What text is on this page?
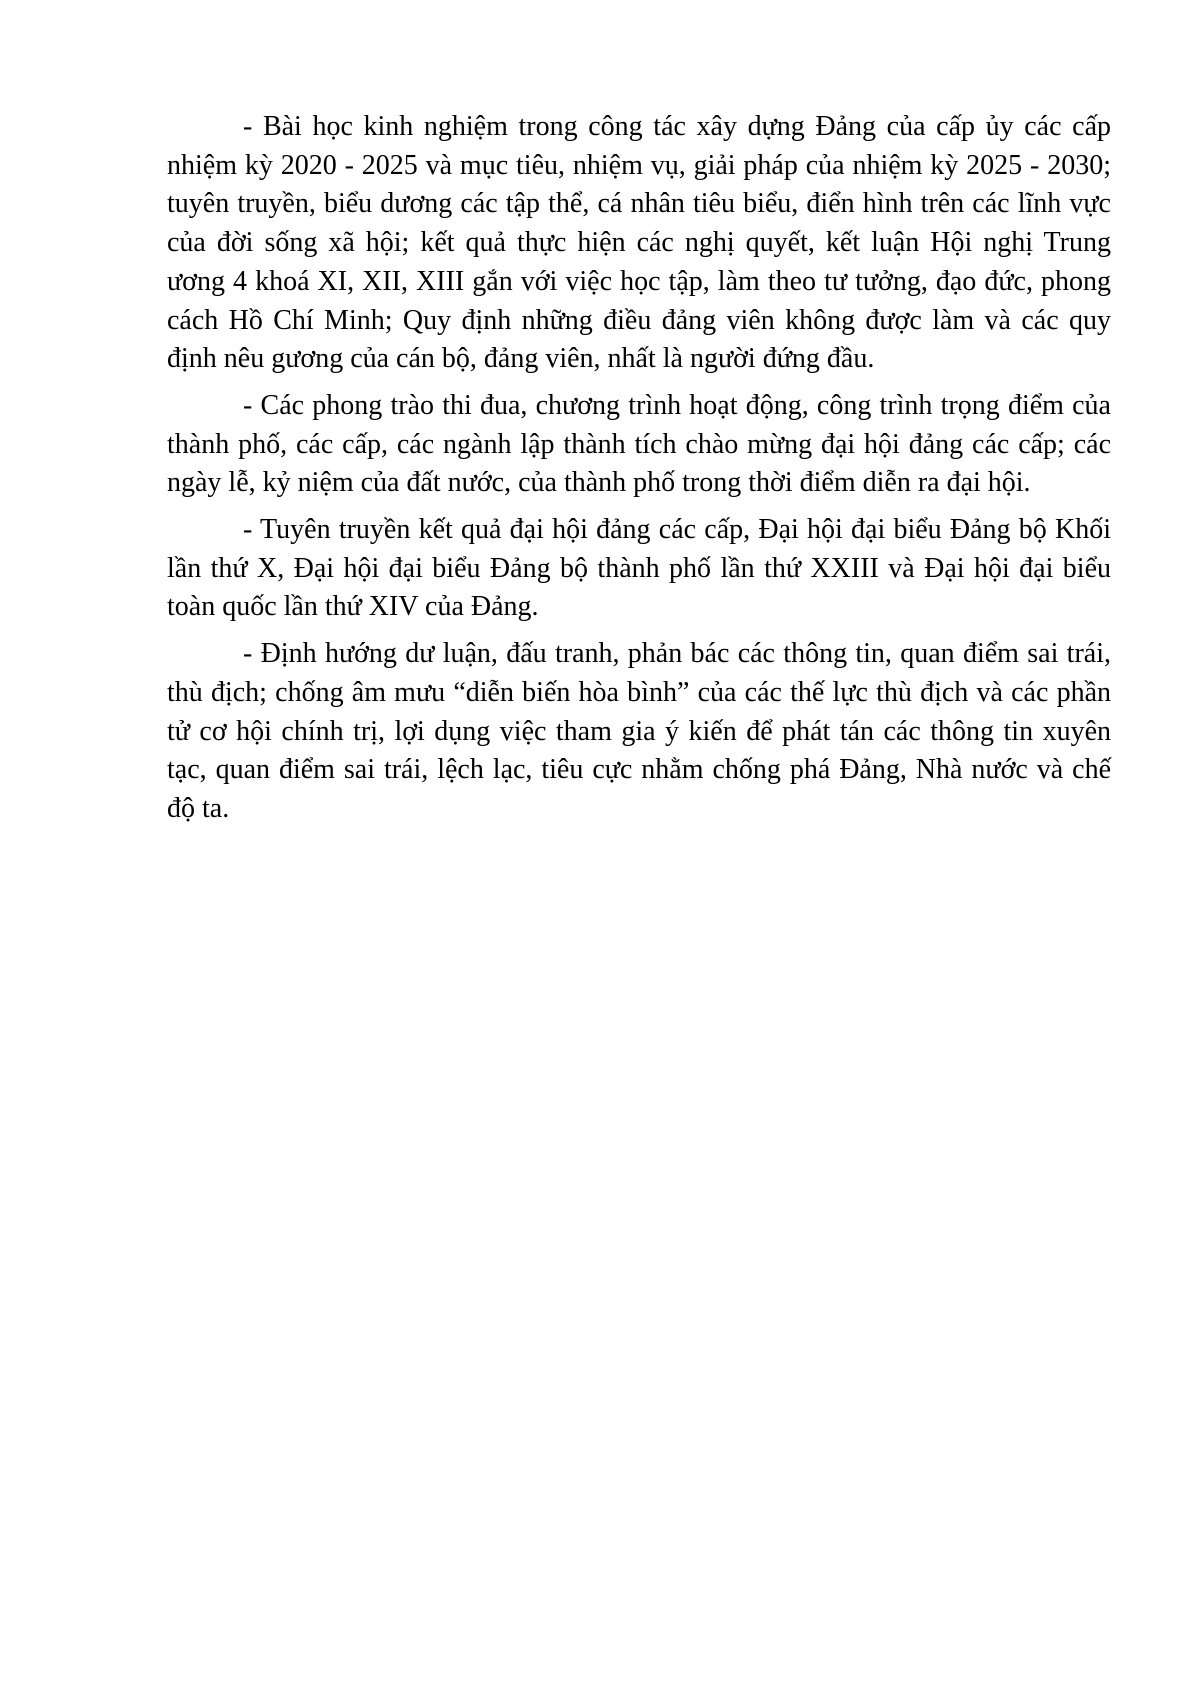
- Bài học kinh nghiệm trong công tác xây dựng Đảng của cấp ủy các cấp nhiệm kỳ 2020 - 2025 và mục tiêu, nhiệm vụ, giải pháp của nhiệm kỳ 2025 - 2030; tuyên truyền, biểu dương các tập thể, cá nhân tiêu biểu, điển hình trên các lĩnh vực của đời sống xã hội; kết quả thực hiện các nghị quyết, kết luận Hội nghị Trung ương 4 khoá XI, XII, XIII gắn với việc học tập, làm theo tư tưởng, đạo đức, phong cách Hồ Chí Minh; Quy định những điều đảng viên không được làm và các quy định nêu gương của cán bộ, đảng viên, nhất là người đứng đầu.

- Các phong trào thi đua, chương trình hoạt động, công trình trọng điểm của thành phố, các cấp, các ngành lập thành tích chào mừng đại hội đảng các cấp; các ngày lễ, kỷ niệm của đất nước, của thành phố trong thời điểm diễn ra đại hội.

- Tuyên truyền kết quả đại hội đảng các cấp, Đại hội đại biểu Đảng bộ Khối lần thứ X, Đại hội đại biểu Đảng bộ thành phố lần thứ XXIII và Đại hội đại biểu toàn quốc lần thứ XIV của Đảng.

- Định hướng dư luận, đấu tranh, phản bác các thông tin, quan điểm sai trái, thù địch; chống âm mưu “diễn biến hòa bình” của các thế lực thù địch và các phần tử cơ hội chính trị, lợi dụng việc tham gia ý kiến để phát tán các thông tin xuyên tạc, quan điểm sai trái, lệch lạc, tiêu cực nhằm chống phá Đảng, Nhà nước và chế độ ta.
